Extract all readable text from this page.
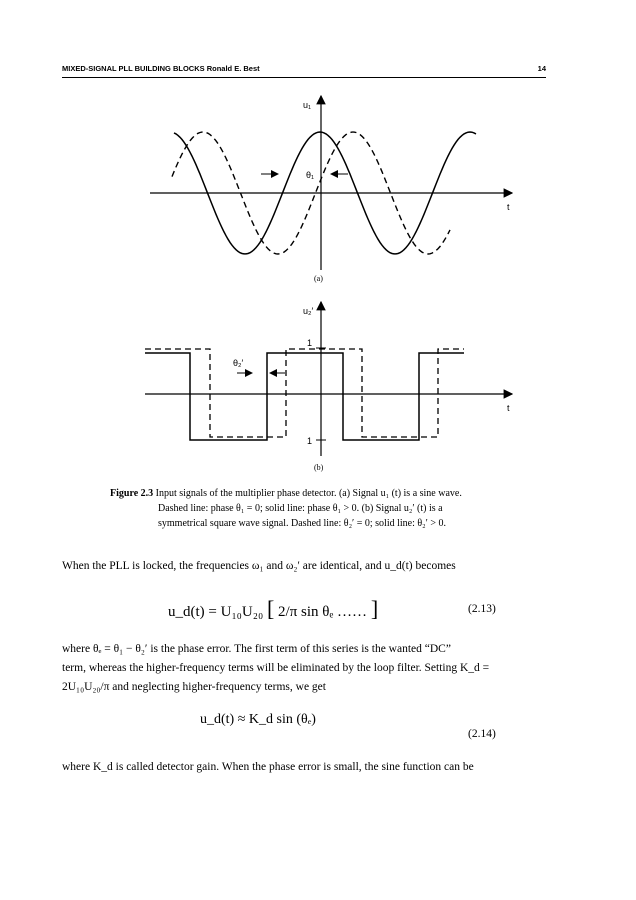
MIXED-SIGNAL PLL BUILDING BLOCKS Ronald E. Best	14
u₁
t
θ₁
(a)
u₂′
t
θ₂′
1
1
(b)
Figure 2.3 Input signals of the multiplier phase detector. (a) Signal u₁ (t) is a sine wave.
Dashed line: phase θ₁ = 0; solid line: phase θ₁ > 0. (b) Signal u₂′ (t) is a
symmetrical square wave signal. Dashed line: θ₂′ = 0; solid line: θ₂′ > 0.
When the PLL is locked, the frequencies ω₁ and ω₂′ are identical, and u_d(t) becomes
u_d(t) = U₁₀U₂₀ [ 2/π sin θₑ …… ]	(2.13)
where θₑ = θ₁ − θ₂′ is the phase error. The first term of this series is the wanted “DC”
term, whereas the higher-frequency terms will be eliminated by the loop filter. Setting K_d =
2U₁₀U₂₀/π and neglecting higher-frequency terms, we get
u_d(t) ≈ K_d sin (θₑ)
(2.14)
where K_d is called detector gain. When the phase error is small, the sine function can be
